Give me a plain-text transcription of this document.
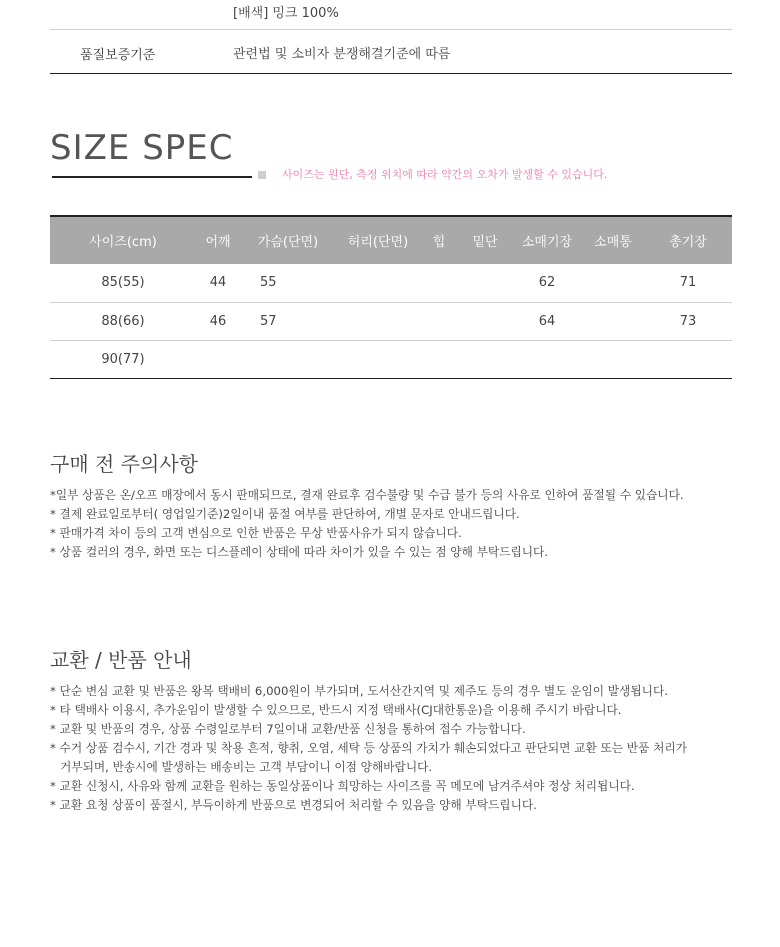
[배색] 밍크 100%
품질보증기준	관련법 및 소비자 분쟁해결기준에 따름
SIZE SPEC
사이즈는 원단, 측정 위치에 따라 약간의 오차가 발생할 수 있습니다.
사이즈(cm)	어깨	가슴(단면)	허리(단면)	힙	밑단	소매기장	소매통	총기장
85(55)	44	55				62		71
88(66)	46	57				64		73
90(77)								
구매 전 주의사항
*일부 상품은 온/오프 매장에서 동시 판매되므로, 결재 완료후 검수불량 및 수급 불가 등의 사유로 인하여 품절될 수 있습니다.
* 결제 완료일로부터( 영업일기준)2일이내 품절 여부를 판단하여, 개별 문자로 안내드립니다.
* 판매가격 차이 등의 고객 변심으로 인한 반품은 무상 반품사유가 되지 않습니다.
* 상품 컬러의 경우, 화면 또는 디스플레이 상태에 따라 차이가 있을 수 있는 점 양해 부탁드립니다.
교환 / 반품 안내
* 단순 변심 교환 및 반품은 왕복 택배비 6,000원이 부가되며, 도서산간지역 및 제주도 등의 경우 별도 운임이 발생됩니다.
* 타 택배사 이용시, 추가운임이 발생할 수 있으므로, 반드시 지정 택배사(CJ대한통운)을 이용해 주시기 바랍니다.
* 교환 및 반품의 경우, 상품 수령일로부터 7일이내 교환/반품 신청을 통하여 접수 가능합니다.
* 수거 상품 검수시, 기간 경과 및 착용 흔적, 향취, 오염, 세탁 등 상품의 가치가 훼손되었다고 판단되면 교환 또는 반품 처리가
거부되며, 반송시에 발생하는 배송비는 고객 부담이니 이점 양해바랍니다.
* 교환 신청시, 사유와 함께 교환을 원하는 동일상품이나 희망하는 사이즈를 꼭 메모에 남겨주셔야 정상 처리됩니다.
* 교환 요청 상품이 품절시, 부득이하게 반품으로 변경되어 처리할 수 있음을 양해 부탁드립니다.
